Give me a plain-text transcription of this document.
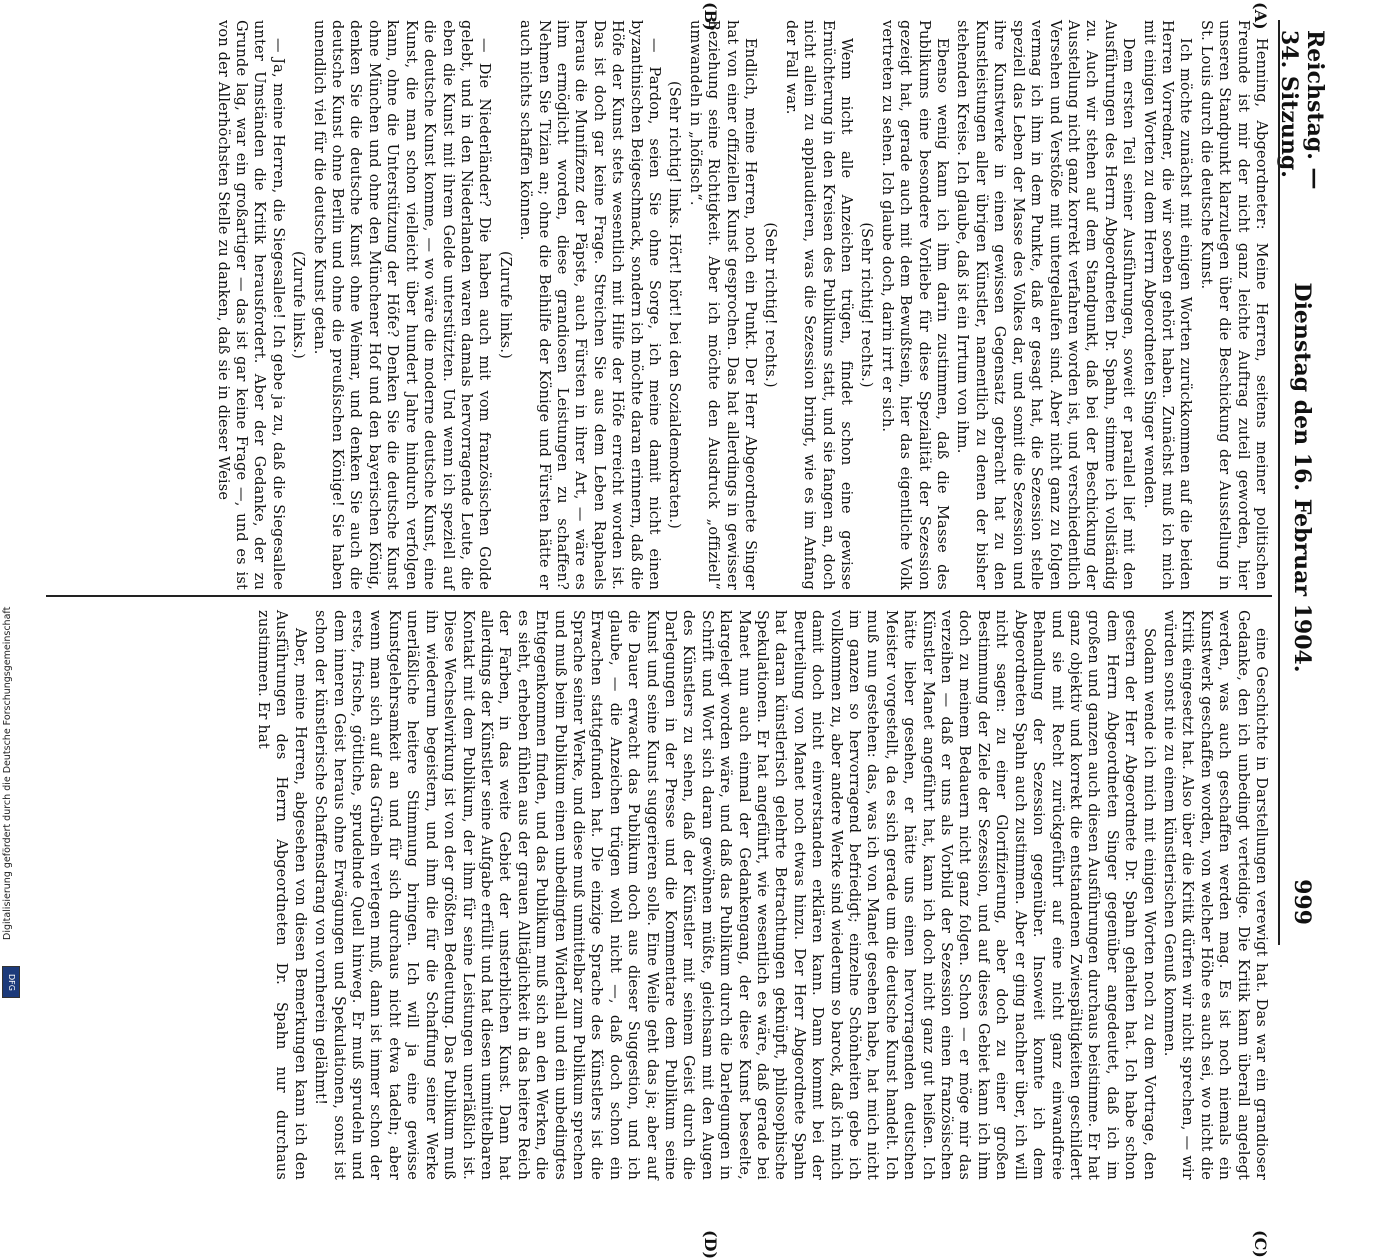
Reichstag. — 34. Sitzung.
Dienstag den 16. Februar 1904.
999
(A)
(B)
(C)
(D)

Henning, Abgeordneter: Meine Herren, seitens meiner politischen Freunde ist mir der nicht ganz leichte Auftrag zuteil geworden, hier unseren Standpunkt klarzulegen über die Beschickung der Ausstellung in St. Louis durch die deutsche Kunst.

Ich möchte zunächst mit einigen Worten zurückkommen auf die beiden Herren Vorredner, die wir soeben gehört haben. Zunächst muß ich mich mit einigen Worten zu dem Herrn Abgeordneten Singer wenden.

Dem ersten Teil seiner Ausführungen, soweit er parallel lief mit den Ausführungen des Herrn Abgeordneten Dr. Spahn, stimme ich vollständig zu. Auch wir stehen auf dem Standpunkt, daß bei der Beschickung der Ausstellung nicht ganz korrekt verfahren worden ist, und verschiedentlich Versehen und Verstöße mit untergelaufen sind. Aber nicht ganz zu folgen vermag ich ihm in dem Punkte, daß er gesagt hat, die Sezession stelle speziell das Leben der Masse des Volkes dar, und somit die Sezession und ihre Kunstwerke in einen gewissen Gegensatz gebracht hat zu den Kunstleistungen aller übrigen Künstler, namentlich zu denen der bisher stehenden Kreise. Ich glaube, daß ist ein Irrtum von ihm.

Ebenso wenig kann ich ihm darin zustimmen, daß die Masse des Publikums eine besondere Vorliebe für diese Spezialität der Sezession gezeigt hat, gerade auch mit dem Bewußtsein, hier das eigentliche Volk vertreten zu sehen. Ich glaube doch, darin irrt er sich.

(Sehr richtig! rechts.)

Wenn nicht alle Anzeichen trügen, findet schon eine gewisse Ernüchterung in den Kreisen des Publikums statt, und sie fangen an, doch nicht allein zu applaudieren, was die Sezession bringt, wie es im Anfang der Fall war.

(Sehr richtig! rechts.)

Endlich, meine Herren, noch ein Punkt. Der Herr Abgeordnete Singer hat von einer offiziellen Kunst gesprochen. Das hat allerdings in gewisser Beziehung seine Richtigkeit. Aber ich möchte den Ausdruck „offiziell“ umwandeln in „höfisch“.

(Sehr richtig! links. Hört! hört! bei den Sozialdemokraten.)

— Pardon, seien Sie ohne Sorge, ich meine damit nicht einen byzantinischen Beigeschmack, sondern ich möchte daran erinnern, daß die Höfe der Kunst stets wesentlich mit Hilfe der Höfe erreicht worden ist. Das ist doch gar keine Frage. Streichen Sie aus dem Leben Raphaels heraus die Munifizenz der Päpste, auch Fürsten in ihrer Art, — wäre es ihm ermöglicht worden, diese grandiosen Leistungen zu schaffen? Nehmen Sie Tizian an; ohne die Beihilfe der Könige und Fürsten hätte er auch nichts schaffen können.

(Zurufe links.)

— Die Niederländer? Die haben auch mit vom französischen Golde gelebt, und in den Niederlanden waren damals hervorragende Leute, die eben die Kunst mit ihrem Gelde unterstützten. Und wenn ich speziell auf die deutsche Kunst komme, — wo wäre die moderne deutsche Kunst, eine Kunst, die man schon vielleicht über hundert Jahre hindurch verfolgen kann, ohne die Unterstützung der Höfe? Denken Sie die deutsche Kunst ohne München und ohne den Münchener Hof und den bayerischen König, denken Sie die deutsche Kunst ohne Weimar, und denken Sie auch die deutsche Kunst ohne Berlin und ohne die preußischen Könige! Sie haben unendlich viel für die deutsche Kunst getan.

(Zurufe links.)

— Ja, meine Herren, die Siegesallee! Ich gebe ja zu, daß die Siegesallee unter Umständen die Kritik herausfordert. Aber der Gedanke, der zu Grunde lag, war ein großartiger — das ist gar keine Frage —, und es ist von der Allerhöchsten Stelle zu danken, daß sie in dieser Weise

eine Geschichte in Darstellungen verewigt hat. Das war ein grandioser Gedanke, den ich unbedingt verteidige. Die Kritik kann überall angelegt werden, was auch geschaffen werden mag. Es ist noch niemals ein Kunstwerk geschaffen worden, von welcher Höhe es auch sei, wo nicht die Kritik eingesetzt hat. Also über die Kritik dürfen wir nicht sprechen, — wir würden sonst nie zu einem künstlerischen Genuß kommen.

Sodann wende ich mich mit einigen Worten noch zu dem Vortrage, den gestern der Herr Abgeordnete Dr. Spahn gehalten hat. Ich habe schon dem Herrn Abgeordneten Singer gegenüber angedeutet, daß ich im großen und ganzen auch diesen Ausführungen durchaus beistimme. Er hat ganz objektiv und korrekt die entstandenen Zwiespältigkeiten geschildert und sie mit Recht zurückgeführt auf eine nicht ganz einwandfreie Behandlung der Sezession gegenüber. Insoweit konnte ich dem Abgeordneten Spahn auch zustimmen. Aber er ging nachher über, ich will nicht sagen: zu einer Glorifizierung, aber doch zu einer großen Bestimmung der Ziele der Sezession, und auf dieses Gebiet kann ich ihm doch zu meinem Bedauern nicht ganz folgen. Schon — er möge mir das verzeihen — daß er uns als Vorbild der Sezession einen französischen Künstler Manet angeführt hat, kann ich doch nicht ganz gut heißen. Ich hätte lieber gesehen, er hätte uns einen hervorragenden deutschen Meister vorgestellt, da es sich gerade um die deutsche Kunst handelt. Ich muß nun gestehen: das, was ich von Manet gesehen habe, hat mich nicht im ganzen so hervorragend befriedigt; einzelne Schönheiten gebe ich vollkommen zu, aber andere Werke sind wiederum so barock, daß ich mich damit doch nicht einverstanden erklären kann. Dann kommt bei der Beurteilung von Manet noch etwas hinzu. Der Herr Abgeordnete Spahn hat daran künstlerisch gelehrte Betrachtungen geknüpft, philosophische Spekulationen. Er hat angeführt, wie wesentlich es wäre, daß gerade bei Manet nun auch einmal der Gedankengang, der diese Kunst beseelte, klargelegt worden wäre, und daß das Publikum durch die Darlegungen in Schrift und Wort sich daran gewöhnen müßte, gleichsam mit den Augen des Künstlers zu sehen, daß der Künstler mit seinem Geist durch die Darlegungen in der Presse und die Kommentare dem Publikum seine Kunst und seine Kunst suggerieren solle. Eine Weile geht das ja; aber auf die Dauer erwacht das Publikum doch aus dieser Suggestion, und ich glaube, — die Anzeichen trügen wohl nicht —, daß doch schon ein Erwachen stattgefunden hat. Die einzige Sprache des Künstlers ist die Sprache seiner Werke, und diese muß unmittelbar zum Publikum sprechen und muß beim Publikum einen unbedingten Widerhall und ein unbedingtes Entgegenkommen finden, und das Publikum muß sich an den Werken, die es sieht, erheben fühlen aus der grauen Alltäglichkeit in das heitere Reich der Farben, in das weite Gebiet der unsterblichen Kunst. Dann hat allerdings der Künstler seine Aufgabe erfüllt und hat diesen unmittelbaren Kontakt mit dem Publikum, der ihm für seine Leistungen unerläßlich ist. Diese Wechselwirkung ist von der größten Bedeutung. Das Publikum muß ihn wiederum begeistern, und ihm die für die Schaffung seiner Werke unerläßliche heitere Stimmung bringen. Ich will ja eine gewisse Kunstgelehrsamkeit an und für sich durchaus nicht etwa tadeln; aber wenn man sich auf das Grübeln verlegen muß, dann ist immer schon der erste, frische, göttliche, sprudelnde Quell hinweg. Er muß sprudeln und dem inneren Geist heraus ohne Erwägungen und Spekulationen, sonst ist schon der künstlerische Schaffensdrang von vornherein gelähmt!

Aber, meine Herren, abgesehen von diesen Bemerkungen kann ich den Ausführungen des Herrn Abgeordneten Dr. Spahn nur durchaus zustimmen. Er hat

Digitalisierung gefördert durch die Deutsche Forschungsgemeinschaft
DFG
